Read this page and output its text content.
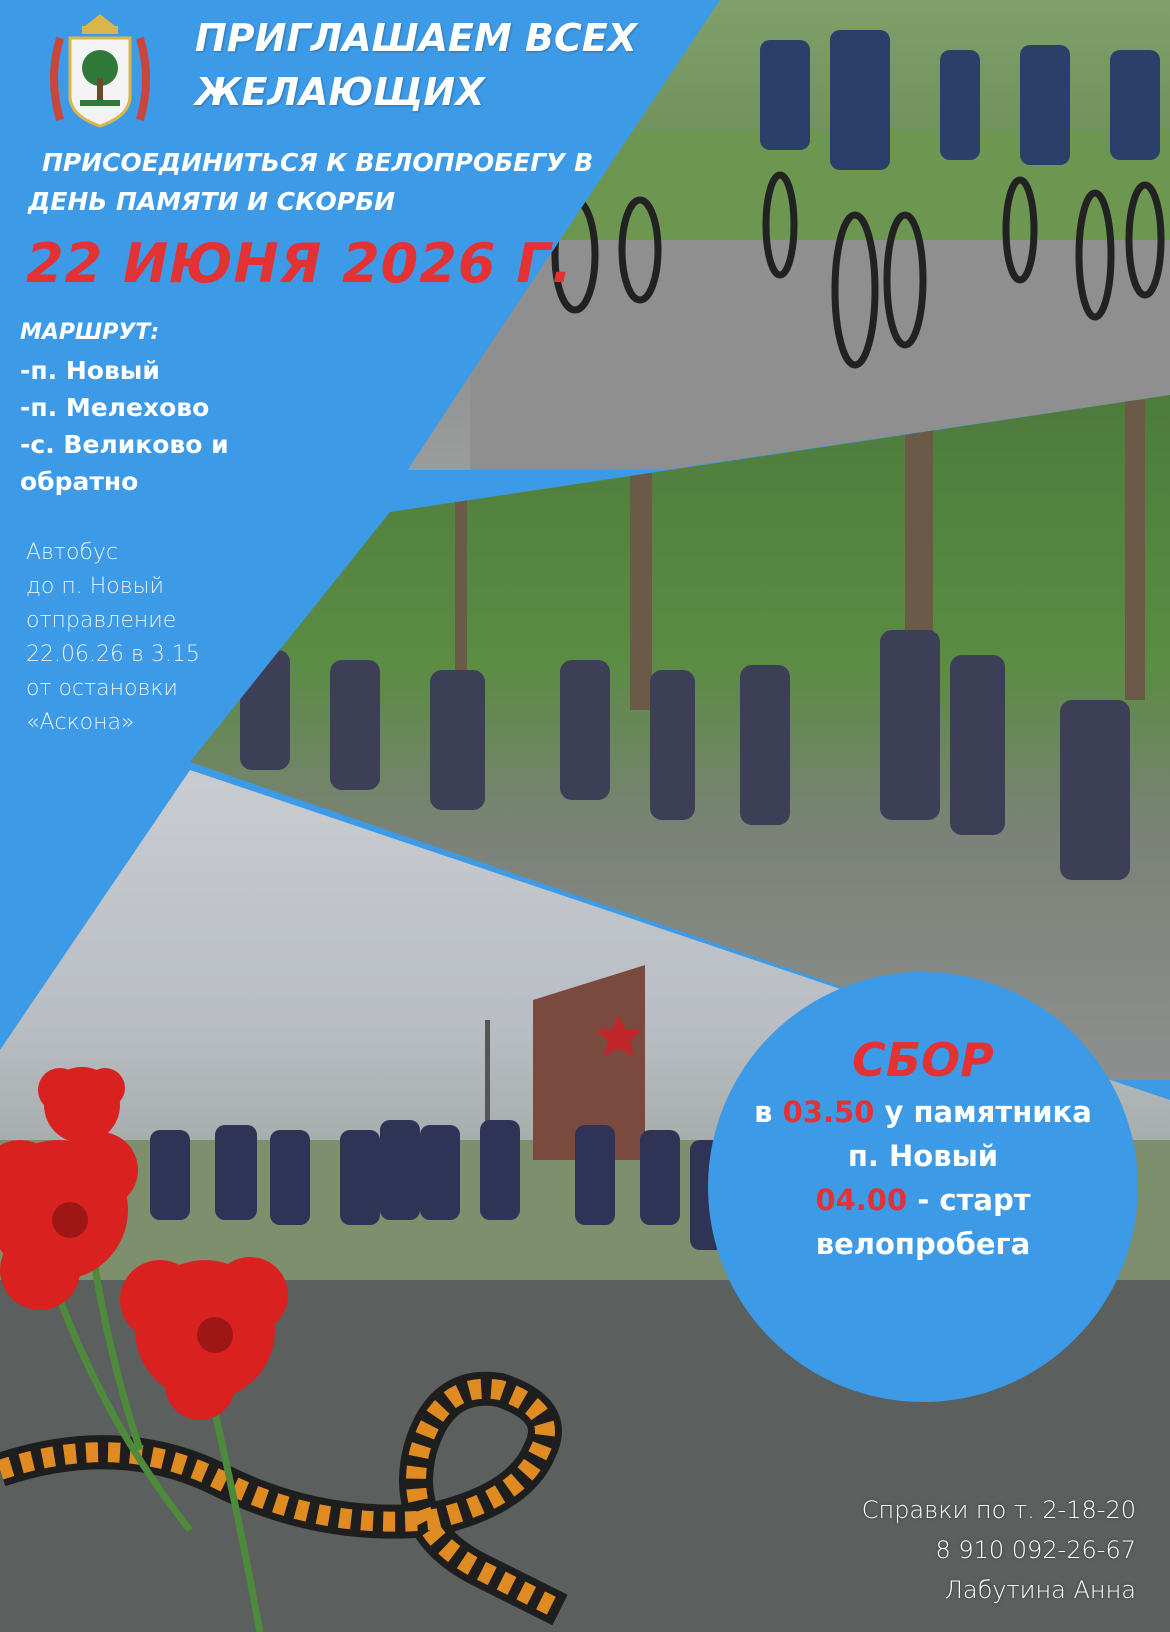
ПРИГЛАШАЕМ ВСЕХ
ЖЕЛАЮЩИХ
ПРИСОЕДИНИТЬСЯ К ВЕЛОПРОБЕГУ В
ДЕНЬ ПАМЯТИ И СКОРБИ
22 ИЮНЯ 2026 Г.
МАРШРУТ:
-п. Новый
-п. Мелехово
-с. Великово и
обратно
Автобус
до п. Новый
отправление
22.06.26 в 3.15
от остановки
«Аскона»
СБОР
в 03.50 у памятника
п. Новый
04.00 - старт
велопробега
Справки по т. 2-18-20
8 910 092-26-67
Лабутина Анна
